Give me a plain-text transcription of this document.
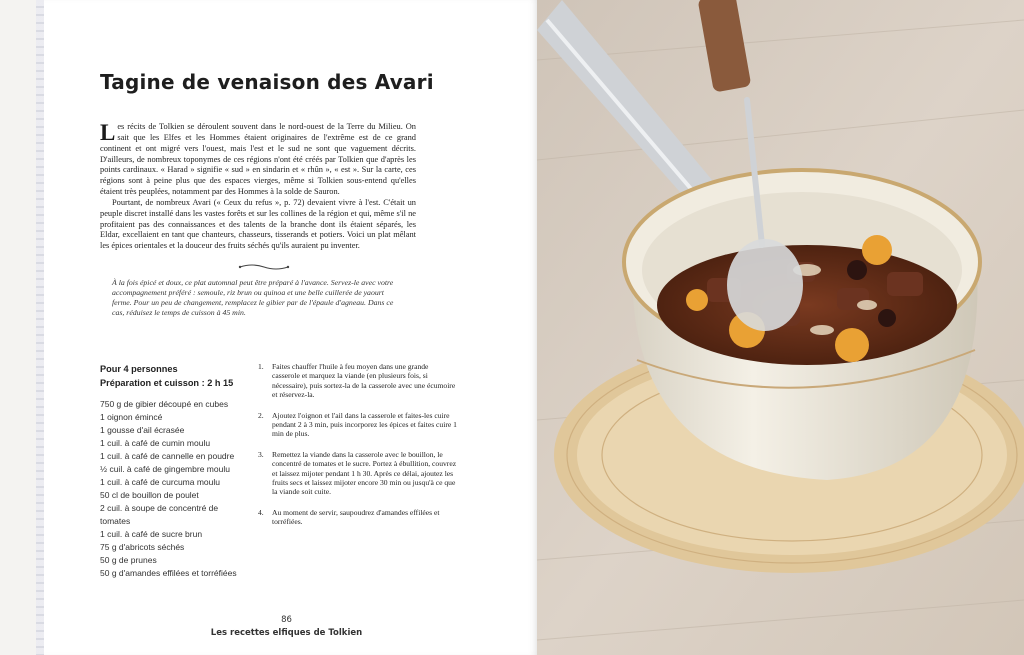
Tagine de venaison des Avari

Les récits de Tolkien se déroulent souvent dans le nord-ouest de la Terre du Milieu. On sait que les Elfes et les Hommes étaient originaires de l'extrême est de ce grand continent et ont migré vers l'ouest, mais l'est et le sud ne sont que vaguement décrits. D'ailleurs, de nombreux toponymes de ces régions n'ont été créés par Tolkien que d'après les points cardinaux. « Harad » signifie « sud » en sindarin et « rhûn », « est ». Sur la carte, ces régions sont à peine plus que des espaces vierges, même si Tolkien sous-entend qu'elles étaient très peuplées, notamment par des Hommes à la solde de Sauron.

Pourtant, de nombreux Avari (« Ceux du refus », p. 72) devaient vivre à l'est. C'était un peuple discret installé dans les vastes forêts et sur les collines de la région et qui, même s'il ne profitaient pas des connaissances et des talents de la branche dont ils étaient séparés, les Eldar, excellaient en tant que chanteurs, chasseurs, tisserands et potiers. Voici un plat mêlant les épices orientales et la douceur des fruits séchés qu'ils auraient pu inventer.

À la fois épicé et doux, ce plat automnal peut être préparé à l'avance. Servez-le avec votre accompagnement préféré : semoule, riz brun ou quinoa et une belle cuillerée de yaourt ferme. Pour un peu de changement, remplacez le gibier par de l'épaule d'agneau. Dans ce cas, réduisez le temps de cuisson à 45 min.

Pour 4 personnes
Préparation et cuisson : 2 h 15
750 g de gibier découpé en cubes
1 oignon émincé
1 gousse d'ail écrasée
1 cuil. à café de cumin moulu
1 cuil. à café de cannelle en poudre
½ cuil. à café de gingembre moulu
1 cuil. à café de curcuma moulu
50 cl de bouillon de poulet
2 cuil. à soupe de concentré de
tomates
1 cuil. à café de sucre brun
75 g d'abricots séchés
50 g de prunes
50 g d'amandes effilées et torréfiées
1. Faites chauffer l'huile à feu moyen dans une grande casserole et marquez la viande (en plusieurs fois, si nécessaire), puis sortez-la de la casserole avec une écumoire et réservez-la.
2. Ajoutez l'oignon et l'ail dans la casserole et faites-les cuire pendant 2 à 3 min, puis incorporez les épices et faites cuire 1 min de plus.
3. Remettez la viande dans la casserole avec le bouillon, le concentré de tomates et le sucre. Portez à ébullition, couvrez et laissez mijoter pendant 1 h 30. Après ce délai, ajoutez les fruits secs et laissez mijoter encore 30 min ou jusqu'à ce que la viande soit cuite.
4. Au moment de servir, saupoudrez d'amandes effilées et torréfiées.
86
Les recettes elfiques de Tolkien
